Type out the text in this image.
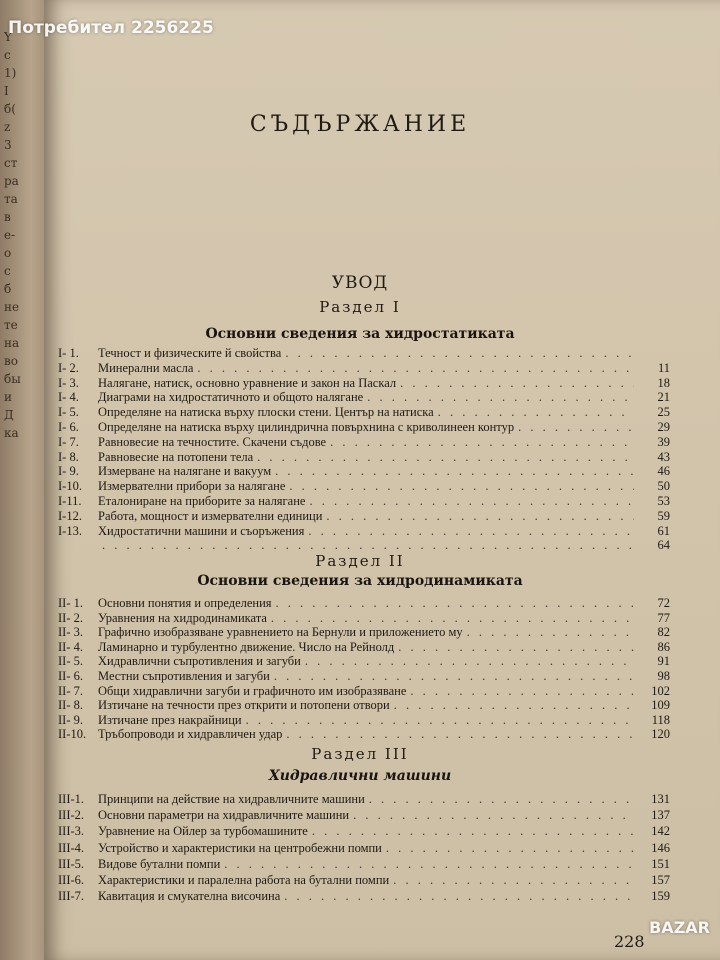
Y
с
1)
I
б(
z
3
ст
ра
та
в
е-
о
с
б
не
те
на
во
бы
и
Д
ка
Потребител 2256225
СЪДЪРЖАНИЕ
УВОД
Раздел I
Основни сведения за хидростатиката
I- 1.	Течност и физическите й свойства
. . .
I- 2.	Минерални масла . . .	11
I- 3.	Налягане, натиск, основно уравнение и закон на Паскал . . .	18
I- 4.	Диаграми на хидростатичното и общото налягане . . .	21
I- 5.	Определяне на натиска върху плоски стени. Център на натиска . . .	25
I- 6.	Определяне на натиска върху цилиндрична повърхнина с криволинеен контур . . .	29
I- 7.	Равновесие на течностите. Скачени съдове . . .	39
I- 8.	Равновесие на потопени тела . . .	43
I- 9.	Измерване на налягане и вакуум . . .	46
I-10.	Измервателни прибори за налягане . . .	50
I-11.	Еталониране на приборите за налягане . . .	53
I-12.	Работа, мощност и измервателни единици . . .	59
I-13.	Хидростатични машини и съоръжения . . .	61
. . .
64
Раздел II
Основни сведения за хидродинамиката
II- 1.	Основни понятия и определения . . .	72
II- 2.	Уравнения на хидродинамиката . . .	77
II- 3.	Графично изобразяване уравнението на Бернули и приложението му . . .	82
II- 4.	Ламинарно и турбулентно движение. Число на Рейнолд . . .	86
II- 5.	Хидравлични съпротивления и загуби . . .	91
II- 6.	Местни съпротивления и загуби . . .	98
II- 7.	Общи хидравлични загуби и графичното им изобразяване . . .	102
II- 8.	Изтичане на течности през открити и потопени отвори . . .	109
II- 9.	Изтичане през накрайници . . .	118
II-10. Тръбопроводи и хидравличен удар . . .	120
Раздел III
Хидравлични машини
III-1.	Принципи на действие на хидравличните машини . . .	131
III-2.	Основни параметри на хидравличните машини . . .	137
III-3.	Уравнение на Ойлер за турбомашините . . .	142
III-4.	Устройство и характеристики на центробежни помпи . . .	146
III-5.	Видове бутални помпи . . .	151
III-6.	Характеристики и паралелна работа на бутални помпи . . .	157
III-7.	Кавитация и смукателна височина . . .	159
228
BAZAR
